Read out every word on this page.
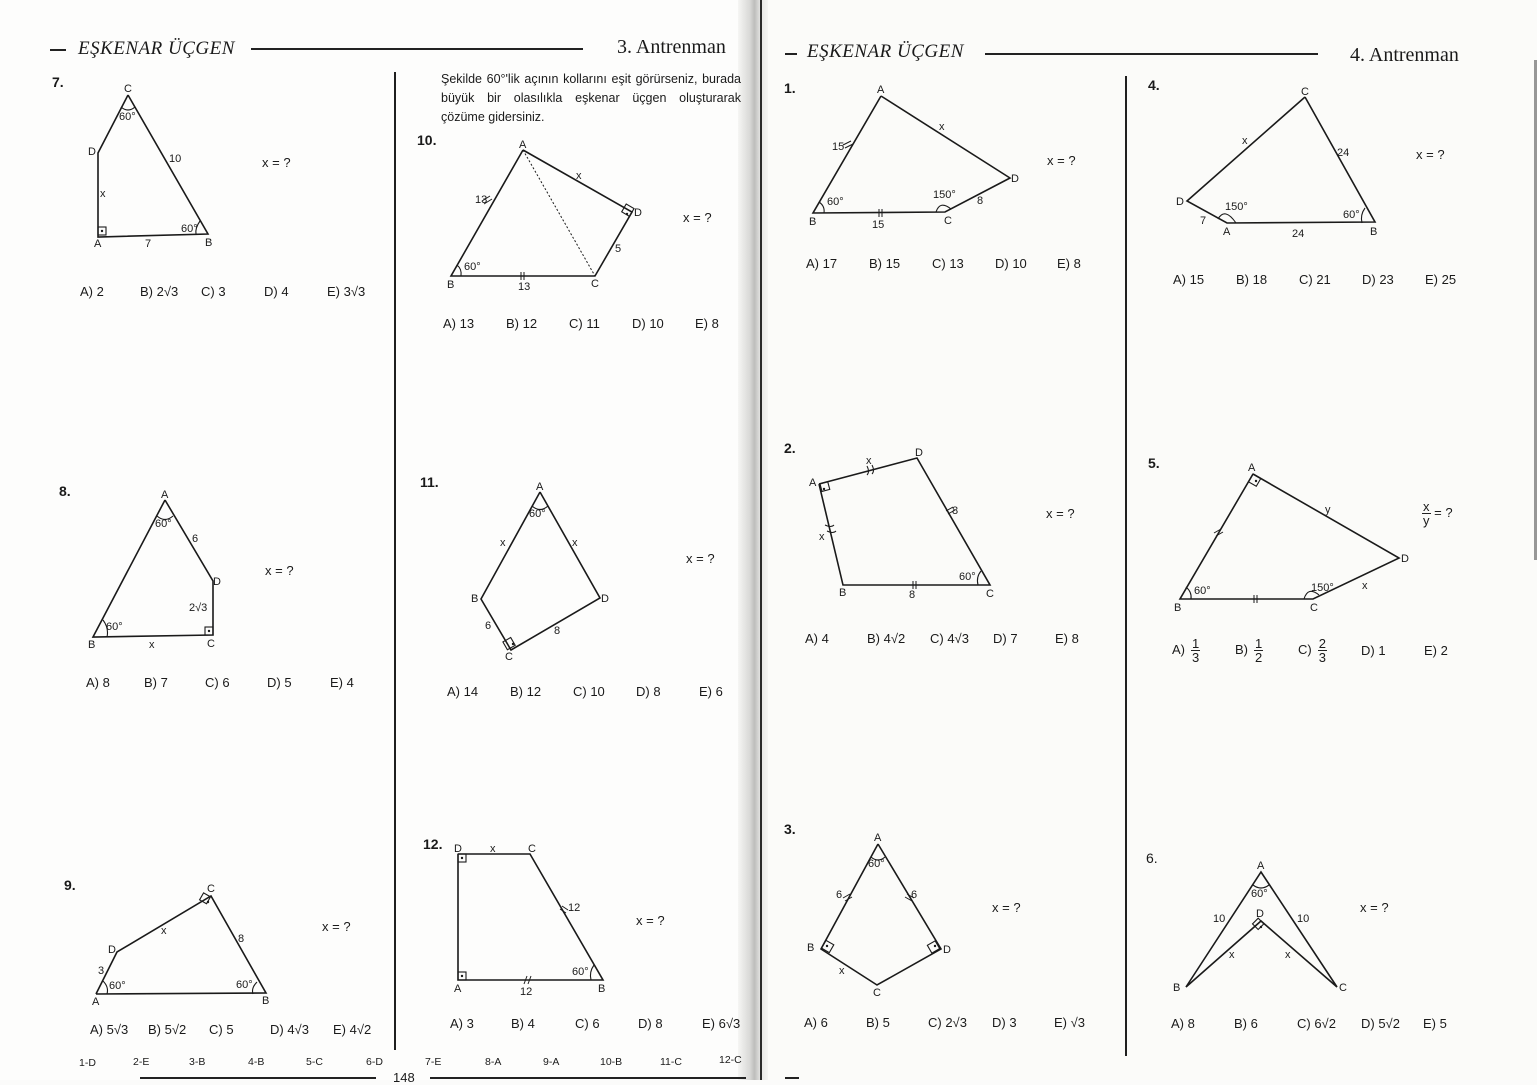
EŞKENAR ÜÇGEN	3. Antrenman
7.	C
D
A	B
10
7
x
60°
60°
x = ?
A) 2	B) 2√3	C) 3	D) 4	E) 3√3
8.	A
D
C
B
6
2√3
x
60°
60°
x = ?
A) 8	B) 7	C) 6	D) 5	E) 4
9.	C
D
A	B
3
x
8
60°	60°
x = ?
A) 5√3	B) 5√2	C) 5	D) 4√3	E) 4√2
Şekilde 60°'lik açının kollarını eşit görürseniz, burada büyük bir olasılıkla eşkenar üçgen oluşturarak çözüme gidersiniz.
10.	A
D
C
B
13
13
x
5
60°
x = ?
A) 13	B) 12	C) 11	D) 10	E) 8
11.	A
B
C
D
x	x
6	8
60°
x = ?
A) 14	B) 12	C) 10	D) 8	E) 6
12. D	C
A	B
x
12
12
60°
x = ?
A) 3	B) 4	C) 6	D) 8	E) 6√3
1-D	2-E	3-B	4-B	5-C	6-D	7-E	8-A	9-A	10-B	11-C	12-C
148
EŞKENAR ÜÇGEN	4. Antrenman
1.	A
D
C
B
15
15
8
x
60°
150°
x = ?
A) 17	B) 15	C) 13	D) 10	E) 8
2.
A
D
C
B
x
x
8
8
60°
x = ?
A) 4	B) 4√2	C) 4√3	D) 7	E) 8
3.
A
B	D
C
6	6
x
60°
x = ?
A) 6	B) 5	C) 2√3	D) 3	E) √3
4.	C
D
A	B
x
24
24
7
150°
60°
x = ?
A) 15	B) 18	C) 21	D) 23	E) 25
5.	A
D
C
B
y
x
60°	150°
$\frac{x}{y}$ = ?
$A) \frac{1}{3}$	$B) \frac{1}{2}$	$C) \frac{2}{3}$	D) 1	E) 2
6.	A
B	C
D
10	10
x	x
60°
x = ?
A) 8	B) 6	C) 6√2	D) 5√2	E) 5
